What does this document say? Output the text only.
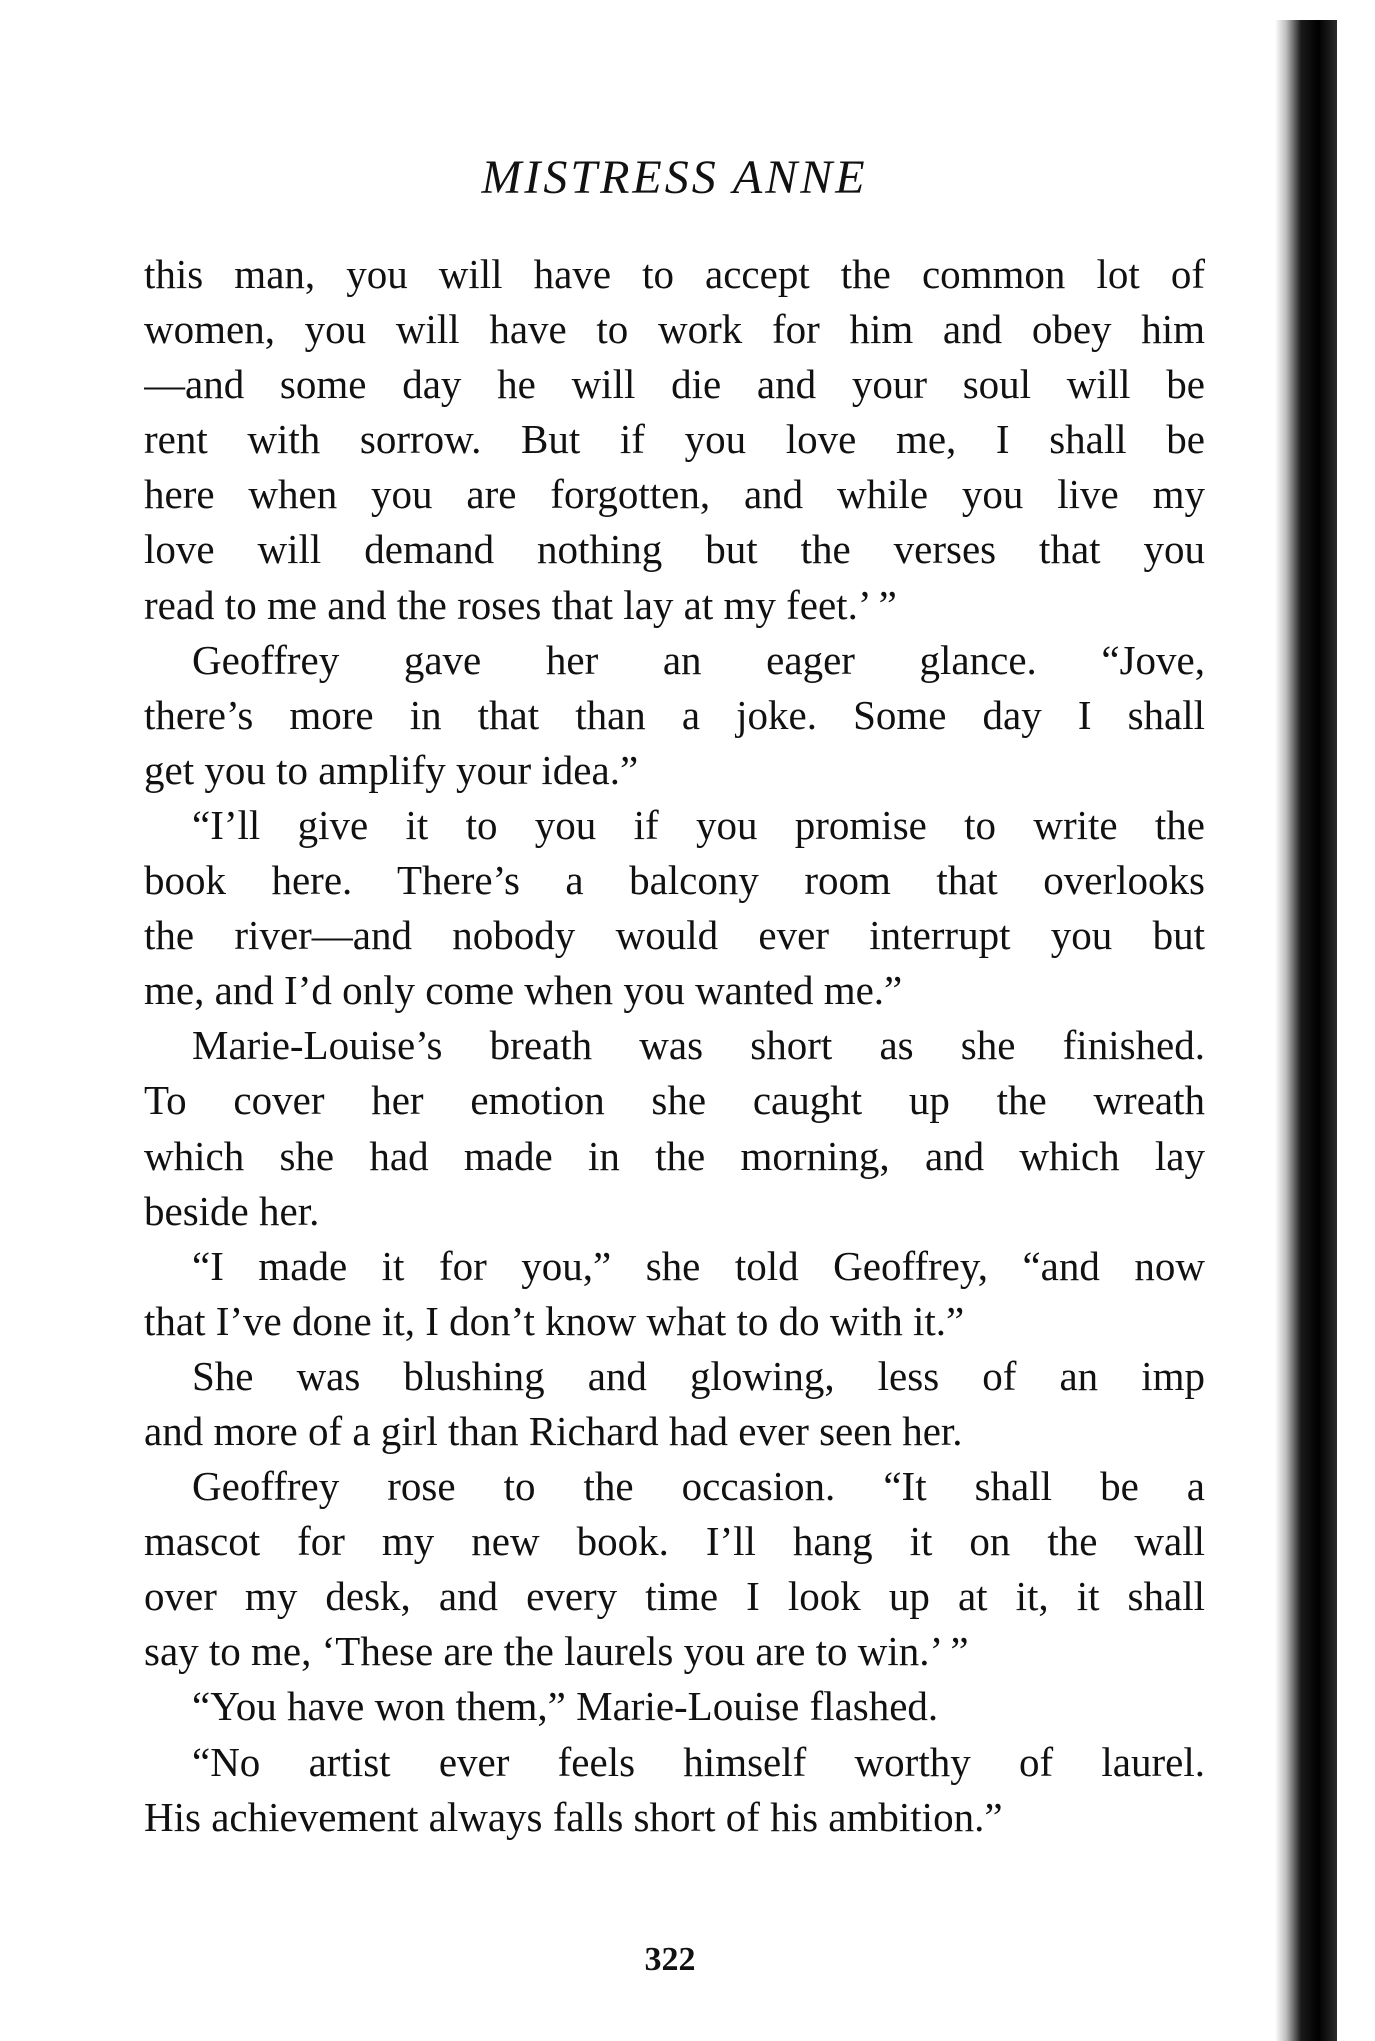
MISTRESS ANNE
this man, you will have to accept the common lot of
women, you will have to work for him and obey him
—and some day he will die and your soul will be
rent with sorrow. But if you love me, I shall be
here when you are forgotten, and while you live my
love will demand nothing but the verses that you
read to me and the roses that lay at my feet.’ ”
Geoffrey gave her an eager glance. “Jove,
there’s more in that than a joke. Some day I shall
get you to amplify your idea.”
“I’ll give it to you if you promise to write the
book here. There’s a balcony room that overlooks
the river—and nobody would ever interrupt you but
me, and I’d only come when you wanted me.”
Marie-Louise’s breath was short as she finished.
To cover her emotion she caught up the wreath
which she had made in the morning, and which lay
beside her.
“I made it for you,” she told Geoffrey, “and now
that I’ve done it, I don’t know what to do with it.”
She was blushing and glowing, less of an imp
and more of a girl than Richard had ever seen her.
Geoffrey rose to the occasion. “It shall be a
mascot for my new book. I’ll hang it on the wall
over my desk, and every time I look up at it, it shall
say to me, ‘These are the laurels you are to win.’ ”
“You have won them,” Marie-Louise flashed.
“No artist ever feels himself worthy of laurel.
His achievement always falls short of his ambition.”
322
